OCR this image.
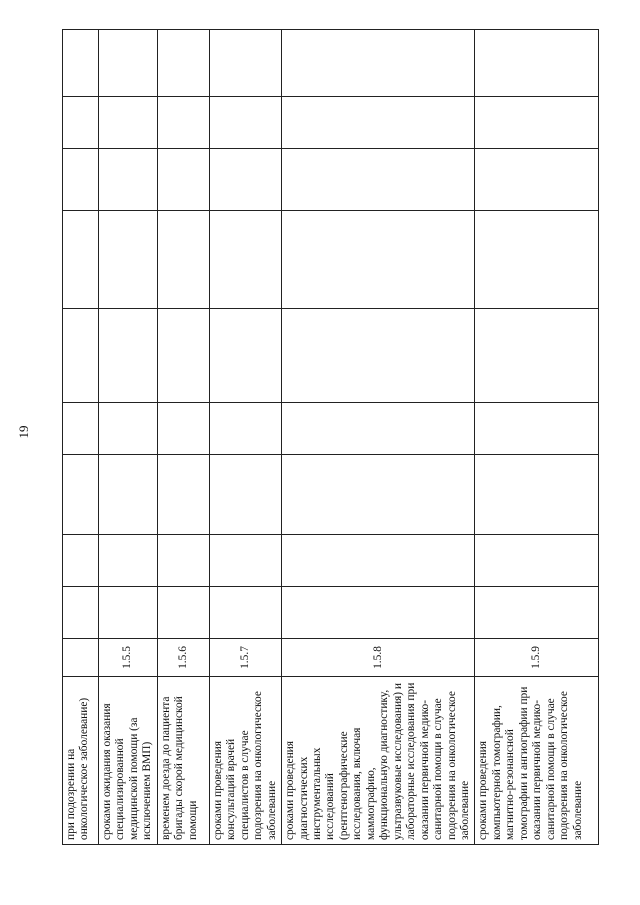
19
при подозрении на онкологическое заболевание)										
сроками ожидания оказания специализированной медицинской помощи (за исключением ВМП)	1.5.5									
временем доезда до пациента бригады скорой медицинской помощи	1.5.6									
сроками проведения консультаций врачей специалистов в случае подозрения на онкологическое заболевание	1.5.7									
сроками проведения диагностических инструментальных исследований (рентгенографические исследования, включая маммографию, функциональную диагностику, ультразвуковые исследования) и лабораторные исследования при оказании первичной медико-санитарной помощи в случае подозрения на онкологическое заболевание	1.5.8									
сроками проведения компьютерной томографии, магнитно-резонансной томографии и ангиографии при оказании первичной медико-санитарной помощи в случае подозрения на онкологическое заболевание	1.5.9									
